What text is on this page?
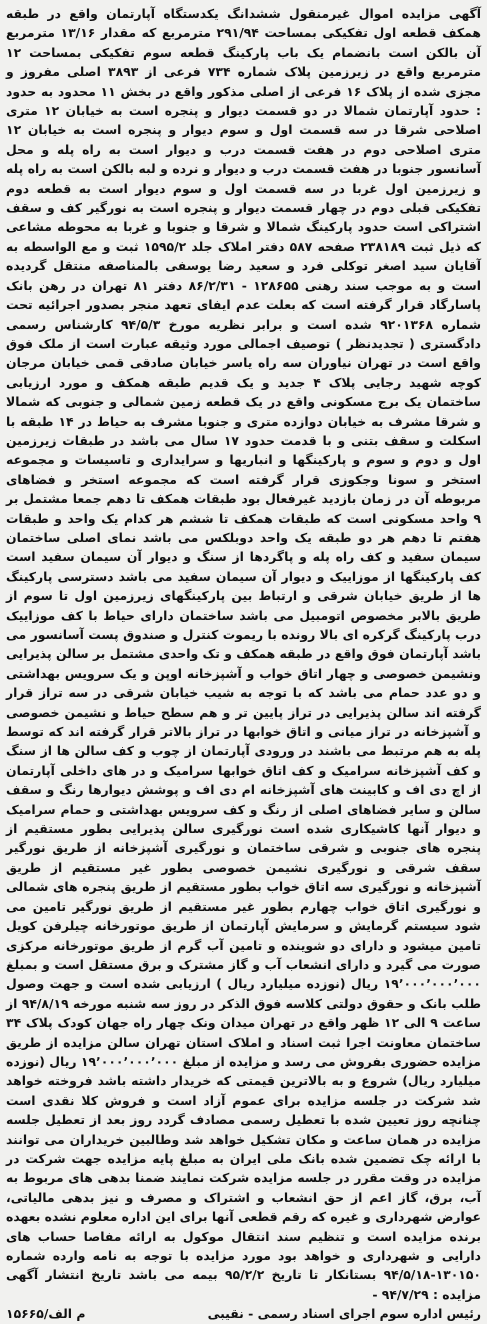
آگهی مزایده اموال غیرمنقول ششدانگ یکدستگاه آپارتمان واقع در طبقه همکف قطعه اول تفکیکی بمساحت ۲۹۱/۹۴ مترمربع که مقدار ۱۳/۱۶ مترمربع آن بالکن است بانضمام یک باب پارکینگ قطعه سوم تفکیکی بمساحت ۱۲ مترمربع واقع در زیرزمین پلاک شماره ۷۳۴ فرعی از ۳۸۹۳ اصلی مفروز و مجزی شده از پلاک ۱۶ فرعی از اصلی مذکور واقع در بخش ۱۱ محدود به حدود : حدود آپارتمان شمالا در دو قسمت دیوار و پنجره است به خیابان ۱۲ متری اصلاحی شرقا در سه قسمت اول و سوم دیوار و پنجره است به خیابان ۱۲ متری اصلاحی دوم در هفت قسمت درب و دیوار است به راه پله و محل آسانسور جنوبا در هفت قسمت درب و دیوار و نرده و لبه بالکن است به راه پله و زیرزمین اول غربا در سه قسمت اول و سوم دیوار است به قطعه دوم تفکیکی قبلی دوم در چهار قسمت دیوار و پنجره است به نورگیر کف و سقف اشتراکی است حدود پارکینگ شمالا و شرقا و جنوبا و غربا به محوطه مشاعی که ذیل ثبت ۲۳۸۱۸۹ صفحه ۵۸۷ دفتر املاک جلد ۱۵۹۵/۲ ثبت و مع الواسطه به آقایان سید اصغر توکلی فرد و سعید رضا یوسفی بالمناصفه منتقل گردیده است و به موجب سند رهنی ۱۲۸۶۵۵ - ۸۶/۲/۳۱ دفتر ۸۱ تهران در رهن بانک پاسارگاد قرار گرفته است که بعلت عدم ایفای تعهد منجر بصدور اجرائیه تحت شماره ۹۲۰۱۳۶۸ شده است و برابر نظریه مورخ ۹۴/۵/۳ کارشناس رسمی دادگستری ( تجدیدنظر ) توصیف اجمالی مورد وثیقه عبارت است از ملک فوق واقع است در تهران نیاوران سه راه یاسر خیابان صادقی قمی خیابان مرجان کوچه شهید رجایی پلاک ۴ جدید و یک قدیم طبقه همکف و مورد ارزیابی ساختمان یک برج مسکونی واقع در یک قطعه زمین شمالی و جنوبی که شمالا و شرقا مشرف به خیابان دوازده متری و جنوبا مشرف به حیاط در ۱۴ طبقه با اسکلت و سقف بتنی و با قدمت حدود ۱۷ سال می باشد در طبقات زیرزمین اول و دوم و سوم و پارکینگها و انباریها و سرایداری و تاسیسات و مجموعه استخر و سونا وجکوزی قرار گرفته است که مجموعه استخر و فضاهای مربوطه آن در زمان بازدید غیرفعال بود طبقات همکف تا دهم جمعا مشتمل بر ۹ واحد مسکونی است که طبقات همکف تا ششم هر کدام یک واحد و طبقات هفتم تا دهم هر دو طبقه یک واحد دوبلکس می باشد نمای اصلی ساختمان سیمان سفید و کف راه پله و پاگردها از سنگ و دیوار آن سیمان سفید است کف پارکینگها از موزاییک و دیوار آن سیمان سفید می باشد دسترسی پارکینگ ها از طریق خیابان شرقی و ارتباط بین پارکینگهای زیرزمین اول تا سوم از طریق بالابر مخصوص اتومبیل می باشد ساختمان دارای حیاط با کف موزاییک درب پارکینگ گرکره ای بالا رونده با ریموت کنترل و صندوق پست آسانسور می باشد آپارتمان فوق واقع در طبقه همکف و تک واحدی مشتمل بر سالن پذیرایی ونشیمن خصوصی و چهار اتاق خواب و آشپزخانه اوپن و یک سرویس بهداشتی و دو عدد حمام می باشد که با توجه به شیب خیابان شرقی در سه تراز قرار گرفته اند سالن پذیرایی در تراز پایین تر و هم سطح حیاط و نشیمن خصوصی و آشپزخانه در تراز میانی و اتاق خوابها در تراز بالاتر قرار گرفته اند که توسط پله به هم مرتبط می باشند در ورودی آپارتمان از چوب و کف سالن ها از سنگ و کف آشپزخانه سرامیک و کف اتاق خوابها سرامیک و در های داخلی آپارتمان از اچ دی اف و کابینت های آشپزخانه ام دی اف و پوشش دیوارها رنگ و سقف سالن و سایر فضاهای اصلی از رنگ و کف سرویس بهداشتی و حمام سرامیک و دیوار آنها کاشیکاری شده است نورگیری سالن پذیرایی بطور مستقیم از پنجره های جنوبی و شرقی ساختمان و نورگیری آشپزخانه از طریق نورگیر سقف شرقی و نورگیری نشیمن خصوصی بطور غیر مستقیم از طریق آشپزخانه و نورگیری سه اتاق خواب بطور مستقیم از طریق پنجره های شمالی و نورگیری اتاق خواب چهارم بطور غیر مستقیم از طریق نورگیر تامین می شود سیستم گرمایش و سرمایش آپارتمان از طریق موتورخانه چیلرفن کویل تامین میشود و دارای دو شوینده و تامین آب گرم از طریق موتورخانه مرکزی صورت می گیرد و دارای انشعاب آب و گاز مشترک و برق مستقل است و بمبلغ ۱۹٬۰۰۰٬۰۰۰٬۰۰۰ ریال (نوزده میلیارد ریال ) ارزیابی شده است و جهت وصول طلب بانک و حقوق دولتی کلاسه فوق الذکر در روز سه شنبه مورخه ۹۴/۸/۱۹ از ساعت ۹ الی ۱۲ ظهر واقع در تهران میدان ونک چهار راه جهان کودک پلاک ۳۴ ساختمان معاونت اجرا ثبت اسناد و املاک استان تهران سالن مزایده از طریق مزایده حضوری بفروش می رسد و مزایده از مبلغ ۱۹٬۰۰۰٬۰۰۰٬۰۰۰ ریال (نوزده میلیارد ریال) شروع و به بالاترین قیمتی که خریدار داشته باشد فروخته خواهد شد شرکت در جلسه مزایده برای عموم آزاد است و فروش کلا نقدی است چنانچه روز تعیین شده با تعطیل رسمی مصادف گردد روز بعد از تعطیل جلسه مزایده در همان ساعت و مکان تشکیل خواهد شد وطالبین خریداران می توانند با ارائه چک تضمین شده بانک ملی ایران به مبلغ پایه مزایده جهت شرکت در مزایده در وقت مقرر در جلسه مزایده شرکت نمایند ضمنا بدهی های مربوط به آب، برق، گاز اعم از حق انشعاب و اشتراک و مصرف و نیز بدهی مالیاتی، عوارض شهرداری و غیره که رقم قطعی آنها برای این اداره معلوم نشده بعهده برنده مزایده است و تنظیم سند انتقال موکول به ارائه مفاصا حساب های دارایی و شهرداری و خواهد بود مورد مزایده با توجه به نامه وارده شماره ۱۳۰۱۵۰-۹۴/۵/۱۸ بستانکار تا تاریخ ۹۵/۲/۲ بیمه می باشد تاریخ انتشار آگهی مزایده : ۹۴/۷/۲۹ -

رئیس اداره سوم اجرای اسناد رسمی - نقیبی
۱۵۶۶۵/م الف
